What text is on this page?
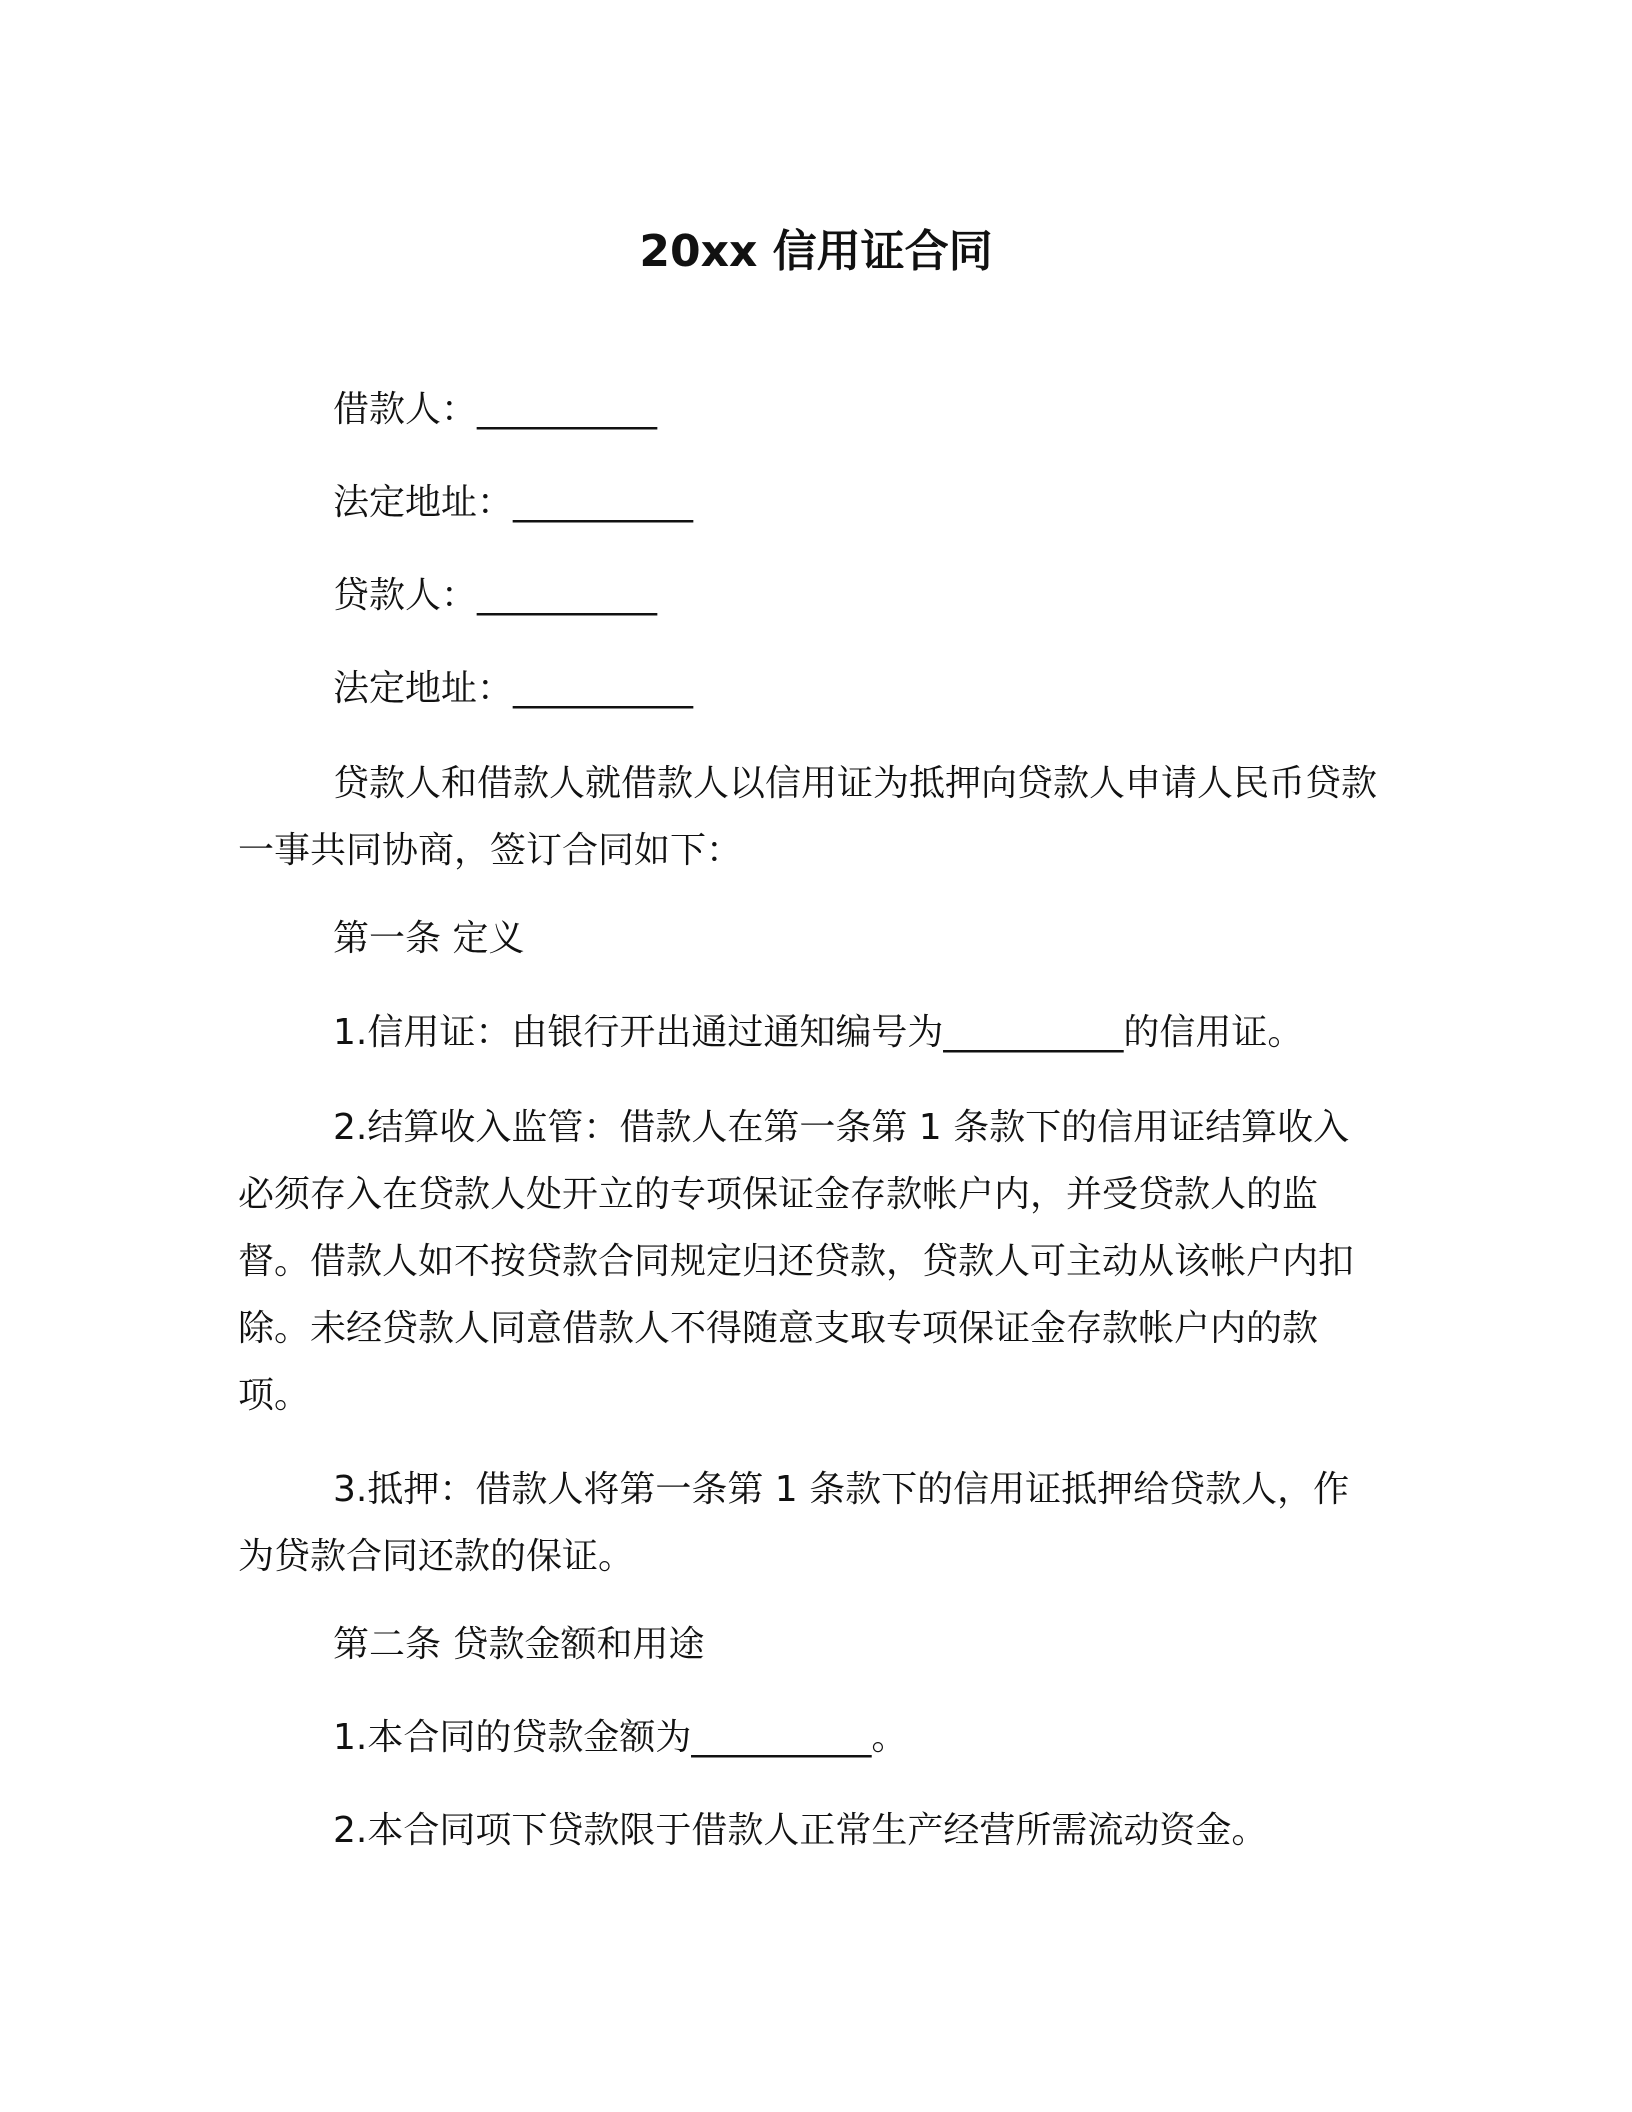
20xx 信用证合同
借款人：__________
法定地址：__________
贷款人：__________
法定地址：__________
贷款人和借款人就借款人以信用证为抵押向贷款人申请人民币贷款一事共同协商，签订合同如下：
第一条 定义
1.信用证：由银行开出通过通知编号为__________的信用证。
2.结算收入监管：借款人在第一条第 1 条款下的信用证结算收入必须存入在贷款人处开立的专项保证金存款帐户内，并受贷款人的监督。借款人如不按贷款合同规定归还贷款，贷款人可主动从该帐户内扣除。未经贷款人同意借款人不得随意支取专项保证金存款帐户内的款项。
3.抵押：借款人将第一条第 1 条款下的信用证抵押给贷款人，作为贷款合同还款的保证。
第二条 贷款金额和用途
1.本合同的贷款金额为__________。
2.本合同项下贷款限于借款人正常生产经营所需流动资金。
